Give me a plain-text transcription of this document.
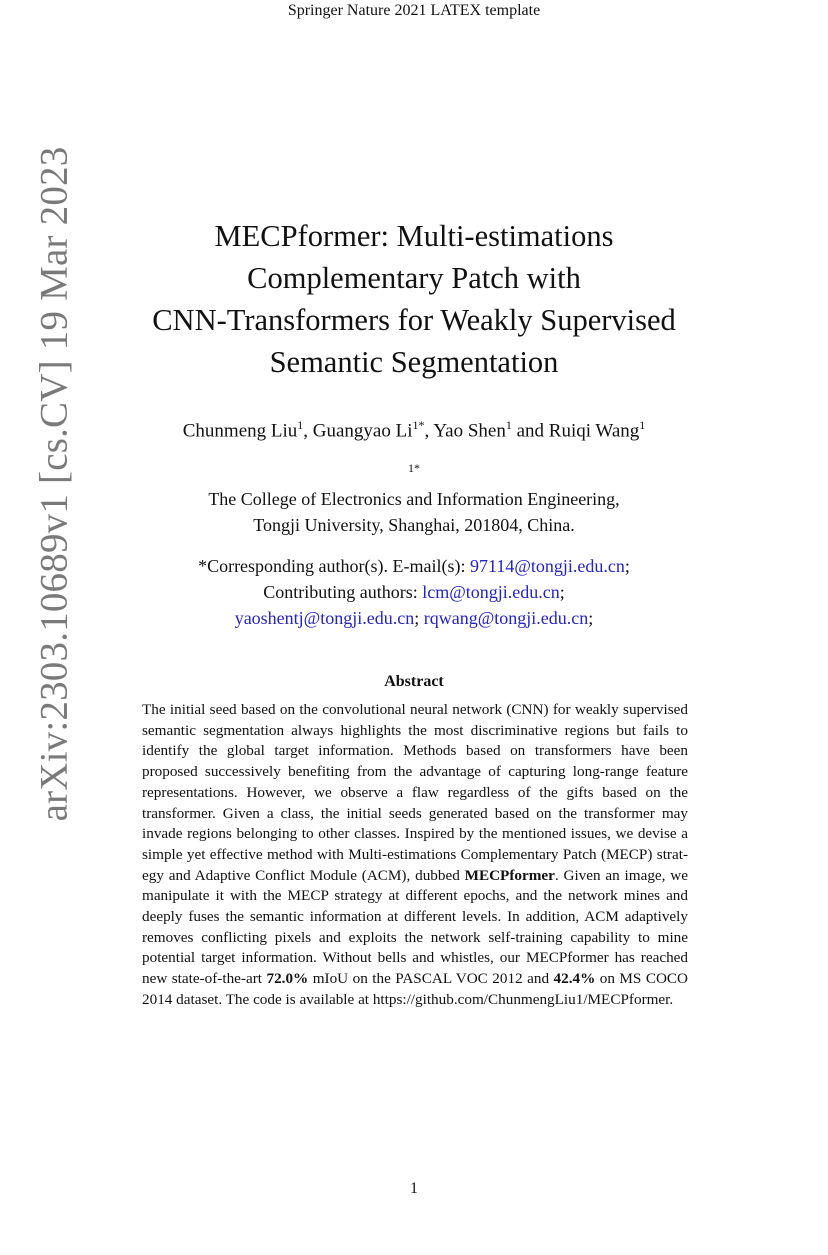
Springer Nature 2021 LATEX template
arXiv:2303.10689v1 [cs.CV] 19 Mar 2023	MECPformer: Multi-estimations
Complementary Patch with
CNN-Transformers for Weakly Supervised
Semantic Segmentation
Chunmeng Liu$^1$, Guangyao $Li^{1*}$, Yao Shen$^1$ and Ruiqi Wang$^1$
$^{1*}$
The College of Electronics and Information Engineering,
Tongji University, Shanghai, 201804, China.
*Corresponding author(s). E-mail(s): 97114@tongji.edu.cn;
Contributing authors: lcm@tongji.edu.cn;
yaoshentj@tongji.edu.cn; rqwang@tongji.edu.cn;
Abstract
The initial seed based on the convolutional neural network (CNN) for weakly supervised semantic segmentation always highlights the most discriminative regions but fails to identify the global target information. Methods based on transformers have been proposed successively benefiting from the advantage of capturing long-range feature representations. However, we observe a flaw regardless of the gifts based on the transformer. Given a class, the initial seeds generated based on the transformer may invade regions belonging to other classes. Inspired by the mentioned issues, we devise a simple yet effective method with Multi-estimations Complementary Patch (MECP) strategy and Adaptive Conflict Module (ACM), dubbed MECPformer. Given an image, we manipulate it with the MECP strategy at different epochs, and the network mines and deeply fuses the semantic information at different levels. In addition, ACM adaptively removes conflicting pixels and exploits the network self-training capability to mine potential target information. Without bells and whistles, our MECPformer has reached new state-of-the-art 72.0% mIoU on the PASCAL VOC 2012 and 42.4% on MS COCO 2014 dataset. The code is available at https://github.com/ChunmengLiu1/MECPformer.
1
